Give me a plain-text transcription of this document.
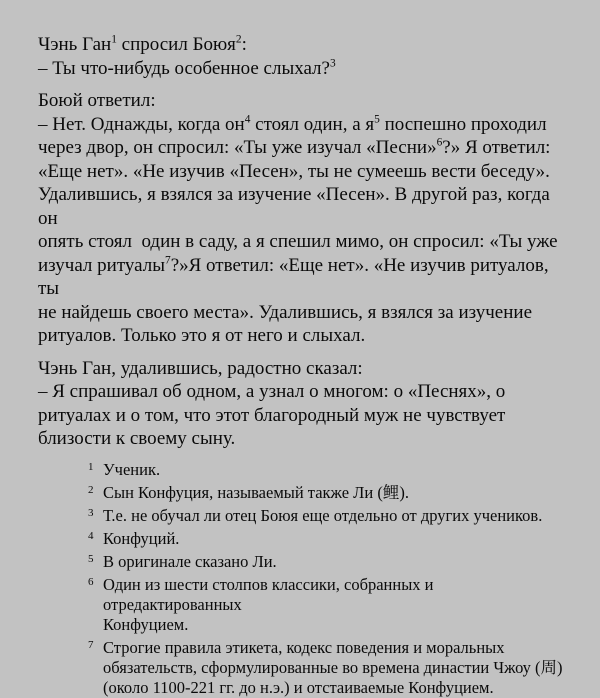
Чэнь Ган$^1$ спросил Боюя$^2$:
– Ты что-нибудь особенное слыхал?$^3$
Боюй ответил:
– Нет. Однажды, когда он$^4$ стоял один, а я$^5$ поспешно проходил
через двор, он спросил: «Ты уже изучал «Песни»$^6$?» Я ответил:
«Еще нет». «Не изучив «Песен», ты не сумеешь вести беседу».
Удалившись, я взялся за изучение «Песен». В другой раз, когда он
опять стоял  один в саду, а я спешил мимо, он спросил: «Ты уже
изучал ритуалы$^7$?»Я ответил: «Еще нет». «Не изучив ритуалов, ты
не найдешь своего места». Удалившись, я взялся за изучение
ритуалов. Только это я от него и слыхал.
Чэнь Ган, удалившись, радостно сказал:
– Я спрашивал об одном, а узнал о многом: о «Песнях», о
ритуалах и о том, что этот благородный муж не чувствует
близости к своему сыну.
1 Ученик.
2 Сын Конфуция, называемый также Ли (鲤).
3 Т.е. не обучал ли отец Боюя еще отдельно от других учеников.
4 Конфуций.
5 В оригинале сказано Ли.
6 Один из шести столпов классики, собранных и отредактированных
Конфуцием.
7 Строгие правила этикета, кодекс поведения и моральных
обязательств, сформулированные во времена династии Чжоу (周)
(около 1100-221 гг. до н.э.) и отстаиваемые Конфуцием.
